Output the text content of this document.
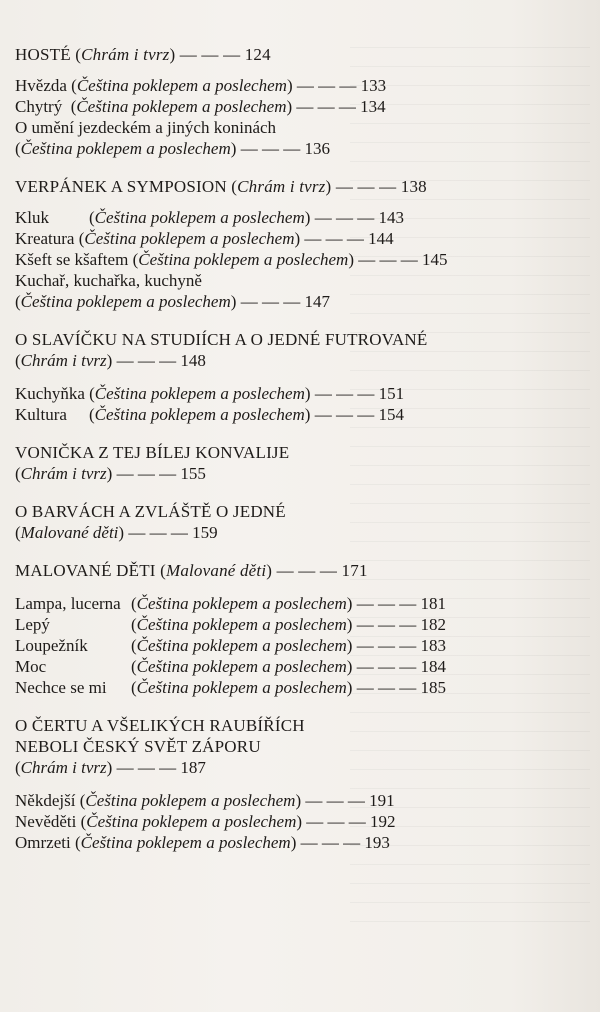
HOSTÉ (Chrám i tvrz) — — — 124
Hvězda (Čeština poklepem a poslechem) — — — 133
Chytrý  (Čeština poklepem a poslechem) — — — 134
O umění jezdeckém a jiných koninách
(Čeština poklepem a poslechem) — — — 136
VERPÁNEK A SYMPOSION (Chrám i tvrz) — — — 138
Kluk (Čeština poklepem a poslechem) — — — 143
Kreatura (Čeština poklepem a poslechem) — — — 144
Kšeft se kšaftem (Čeština poklepem a poslechem) — — — 145
Kuchař, kuchařka, kuchyně
(Čeština poklepem a poslechem) — — — 147
O SLAVÍČKU NA STUDIÍCH A O JEDNÉ FUTROVANÉ
(Chrám i tvrz) — — — 148
Kuchyňka (Čeština poklepem a poslechem) — — — 151
Kultura (Čeština poklepem a poslechem) — — — 154
VONIČKA Z TEJ BÍLEJ KONVALIJE
(Chrám i tvrz) — — — 155
O BARVÁCH A ZVLÁŠTĚ O JEDNÉ
(Malované děti) — — — 159
MALOVANÉ DĚTI (Malované děti) — — — 171
Lampa, lucerna (Čeština poklepem a poslechem) — — — 181
Lepý	(Čeština poklepem a poslechem) — — — 182
Loupežník	(Čeština poklepem a poslechem) — — — 183
Moc	(Čeština poklepem a poslechem) — — — 184
Nechce se mi (Čeština poklepem a poslechem) — — — 185
O ČERTU A VŠELIKÝCH RAUBÍŘÍCH
NEBOLI ČESKÝ SVĚT ZÁPORU
(Chrám i tvrz) — — — 187
Někdejší (Čeština poklepem a poslechem) — — — 191
Nevěděti (Čeština poklepem a poslechem) — — — 192
Omrzeti (Čeština poklepem a poslechem) — — — 193
